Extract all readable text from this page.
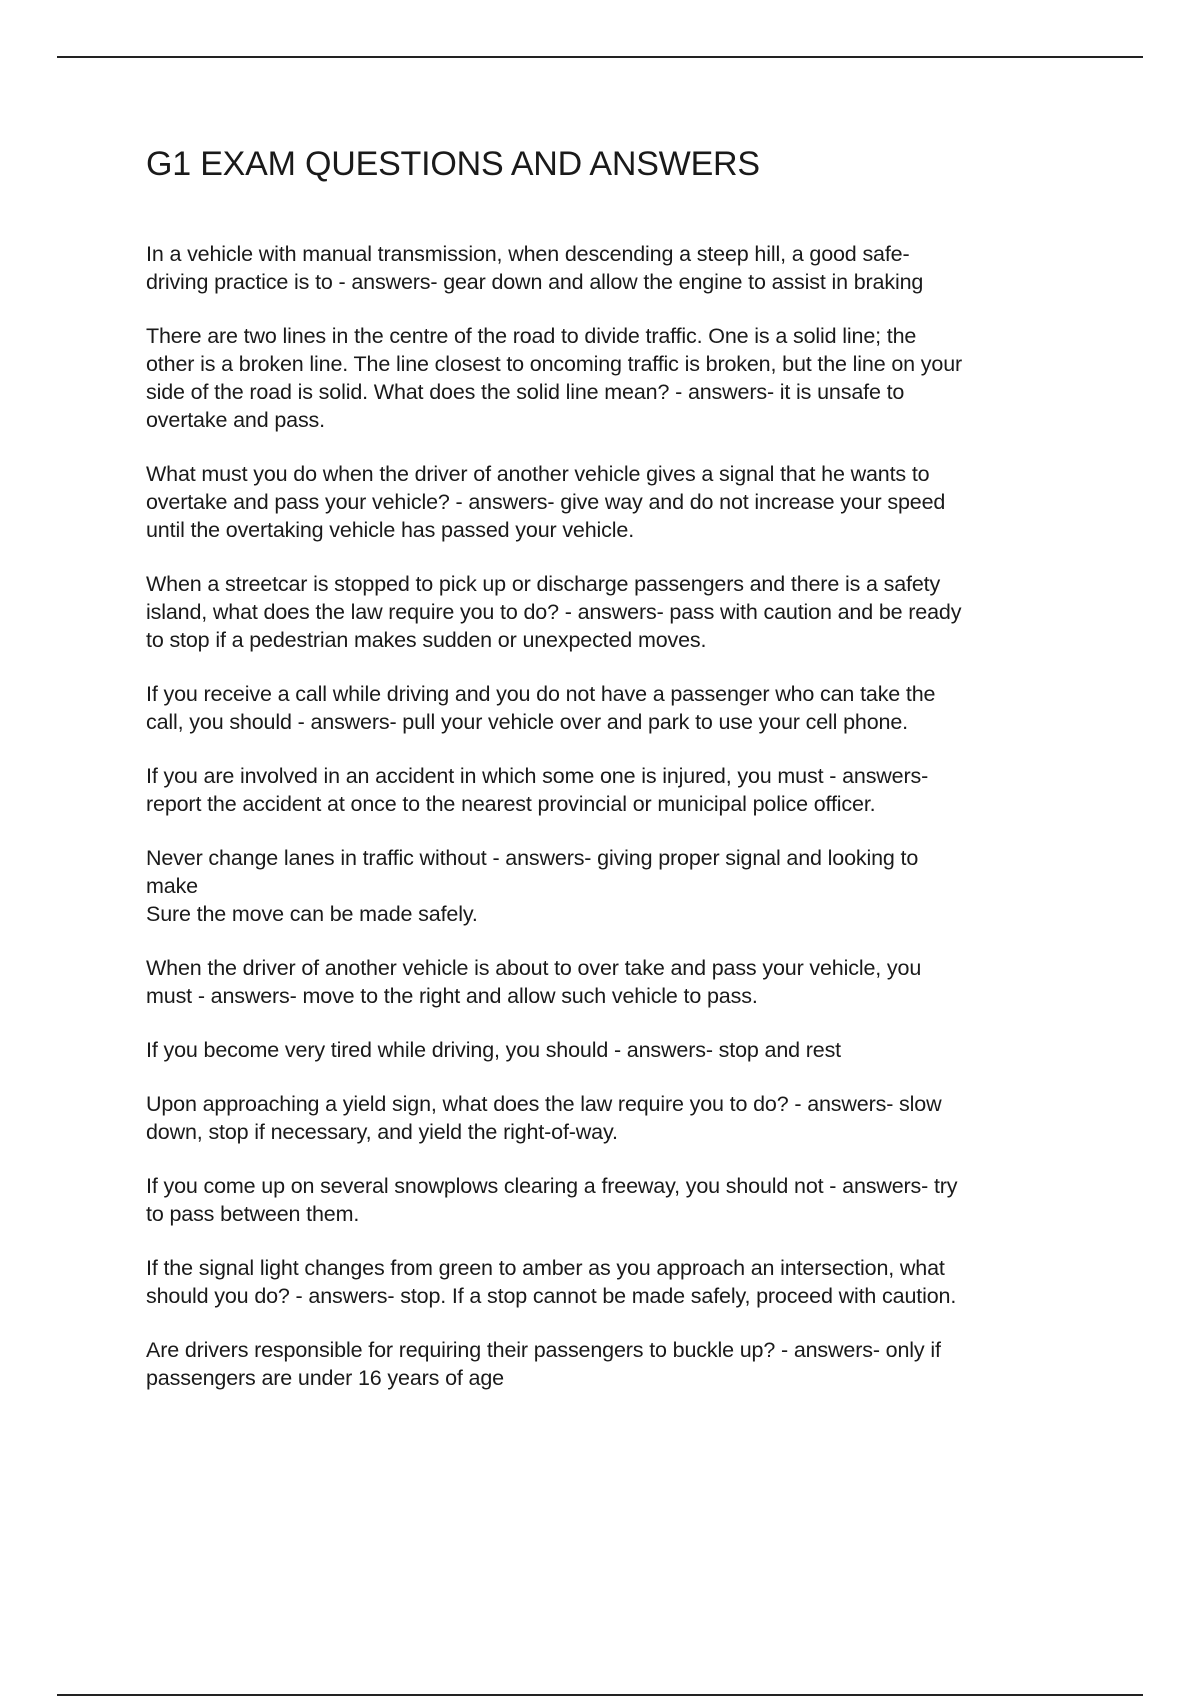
G1 EXAM QUESTIONS AND ANSWERS

In a vehicle with manual transmission, when descending a steep hill, a good safe-
driving practice is to - answers- gear down and allow the engine to assist in braking

There are two lines in the centre of the road to divide traffic. One is a solid line; the
other is a broken line. The line closest to oncoming traffic is broken, but the line on your
side of the road is solid. What does the solid line mean? - answers- it is unsafe to
overtake and pass.

What must you do when the driver of another vehicle gives a signal that he wants to
overtake and pass your vehicle? - answers- give way and do not increase your speed
until the overtaking vehicle has passed your vehicle.

When a streetcar is stopped to pick up or discharge passengers and there is a safety
island, what does the law require you to do? - answers- pass with caution and be ready
to stop if a pedestrian makes sudden or unexpected moves.

If you receive a call while driving and you do not have a passenger who can take the
call, you should - answers- pull your vehicle over and park to use your cell phone.

If you are involved in an accident in which some one is injured, you must - answers-
report the accident at once to the nearest provincial or municipal police officer.

Never change lanes in traffic without - answers- giving proper signal and looking to
make
Sure the move can be made safely.

When the driver of another vehicle is about to over take and pass your vehicle, you
must - answers- move to the right and allow such vehicle to pass.

If you become very tired while driving, you should - answers- stop and rest

Upon approaching a yield sign, what does the law require you to do? - answers- slow
down, stop if necessary, and yield the right-of-way.

If you come up on several snowplows clearing a freeway, you should not - answers- try
to pass between them.

If the signal light changes from green to amber as you approach an intersection, what
should you do? - answers- stop. If a stop cannot be made safely, proceed with caution.

Are drivers responsible for requiring their passengers to buckle up? - answers- only if
passengers are under 16 years of age
